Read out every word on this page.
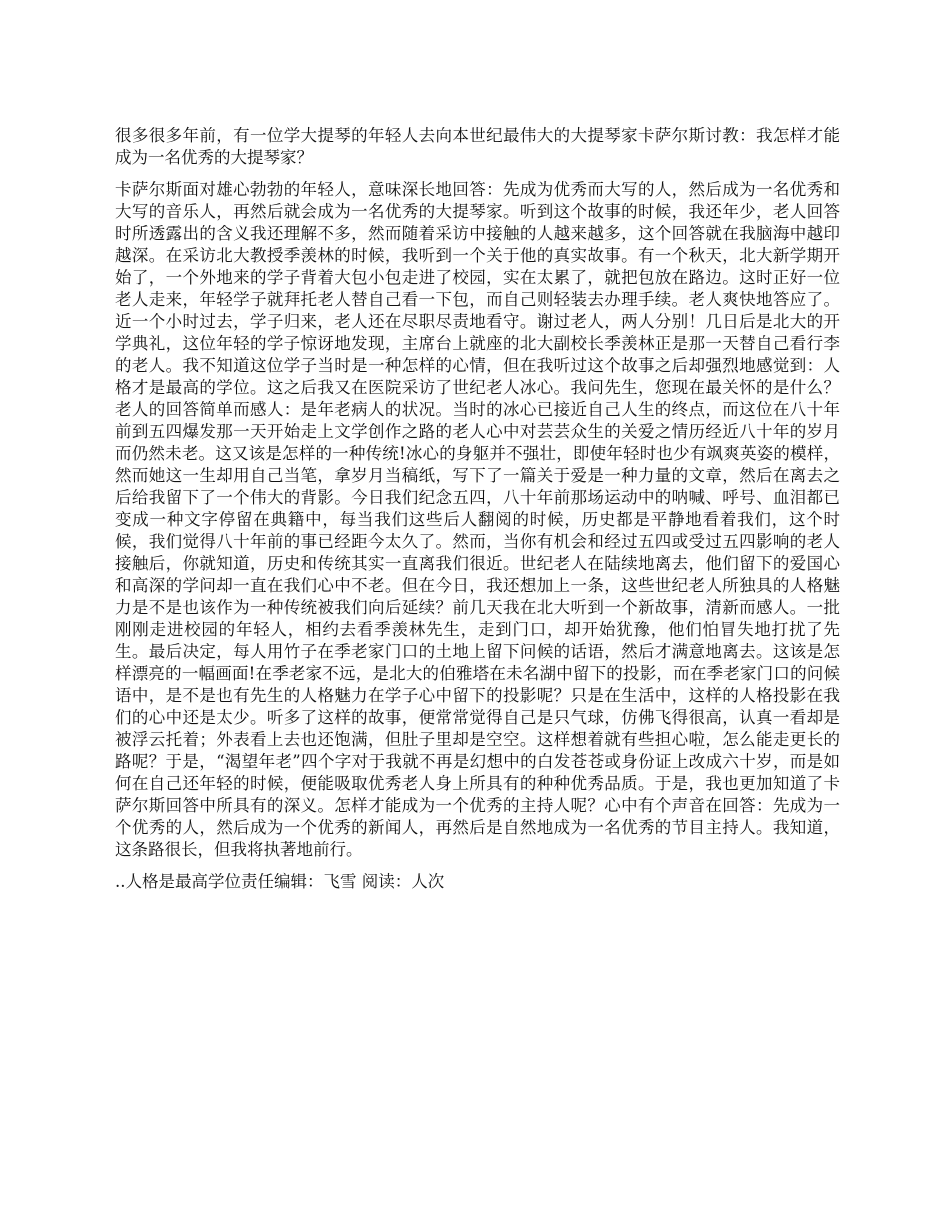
很多很多年前，有一位学大提琴的年轻人去向本世纪最伟大的大提琴家卡萨尔斯讨教：我怎样才能成为一名优秀的大提琴家？

卡萨尔斯面对雄心勃勃的年轻人，意味深长地回答：先成为优秀而大写的人，然后成为一名优秀和大写的音乐人，再然后就会成为一名优秀的大提琴家。听到这个故事的时候，我还年少，老人回答时所透露出的含义我还理解不多，然而随着采访中接触的人越来越多，这个回答就在我脑海中越印越深。在采访北大教授季羡林的时候，我听到一个关于他的真实故事。有一个秋天，北大新学期开始了，一个外地来的学子背着大包小包走进了校园，实在太累了，就把包放在路边。这时正好一位老人走来，年轻学子就拜托老人替自己看一下包，而自己则轻装去办理手续。老人爽快地答应了。近一个小时过去，学子归来，老人还在尽职尽责地看守。谢过老人，两人分别！几日后是北大的开学典礼，这位年轻的学子惊讶地发现，主席台上就座的北大副校长季羡林正是那一天替自己看行李的老人。我不知道这位学子当时是一种怎样的心情，但在我听过这个故事之后却强烈地感觉到：人格才是最高的学位。这之后我又在医院采访了世纪老人冰心。我问先生，您现在最关怀的是什么？老人的回答简单而感人：是年老病人的状况。当时的冰心已接近自己人生的终点，而这位在八十年前到五四爆发那一天开始走上文学创作之路的老人心中对芸芸众生的关爱之情历经近八十年的岁月而仍然未老。这又该是怎样的一种传统!冰心的身躯并不强壮，即使年轻时也少有飒爽英姿的模样，然而她这一生却用自己当笔，拿岁月当稿纸，写下了一篇关于爱是一种力量的文章，然后在离去之后给我留下了一个伟大的背影。今日我们纪念五四，八十年前那场运动中的呐喊、呼号、血泪都已变成一种文字停留在典籍中，每当我们这些后人翻阅的时候，历史都是平静地看着我们，这个时候，我们觉得八十年前的事已经距今太久了。然而，当你有机会和经过五四或受过五四影响的老人接触后，你就知道，历史和传统其实一直离我们很近。世纪老人在陆续地离去，他们留下的爱国心和高深的学问却一直在我们心中不老。但在今日，我还想加上一条，这些世纪老人所独具的人格魅力是不是也该作为一种传统被我们向后延续？前几天我在北大听到一个新故事，清新而感人。一批刚刚走进校园的年轻人，相约去看季羡林先生，走到门口，却开始犹豫，他们怕冒失地打扰了先生。最后决定，每人用竹子在季老家门口的土地上留下问候的话语，然后才满意地离去。这该是怎样漂亮的一幅画面!在季老家不远，是北大的伯雅塔在未名湖中留下的投影，而在季老家门口的问候语中，是不是也有先生的人格魅力在学子心中留下的投影呢？只是在生活中，这样的人格投影在我们的心中还是太少。听多了这样的故事，便常常觉得自己是只气球，仿佛飞得很高，认真一看却是被浮云托着；外表看上去也还饱满，但肚子里却是空空。这样想着就有些担心啦，怎么能走更长的路呢？于是，“渴望年老”四个字对于我就不再是幻想中的白发苍苍或身份证上改成六十岁，而是如何在自己还年轻的时候，便能吸取优秀老人身上所具有的种种优秀品质。于是，我也更加知道了卡萨尔斯回答中所具有的深义。怎样才能成为一个优秀的主持人呢？心中有个声音在回答：先成为一个优秀的人，然后成为一个优秀的新闻人，再然后是自然地成为一名优秀的节目主持人。我知道，这条路很长，但我将执著地前行。

..人格是最高学位责任编辑：飞雪 阅读：人次
